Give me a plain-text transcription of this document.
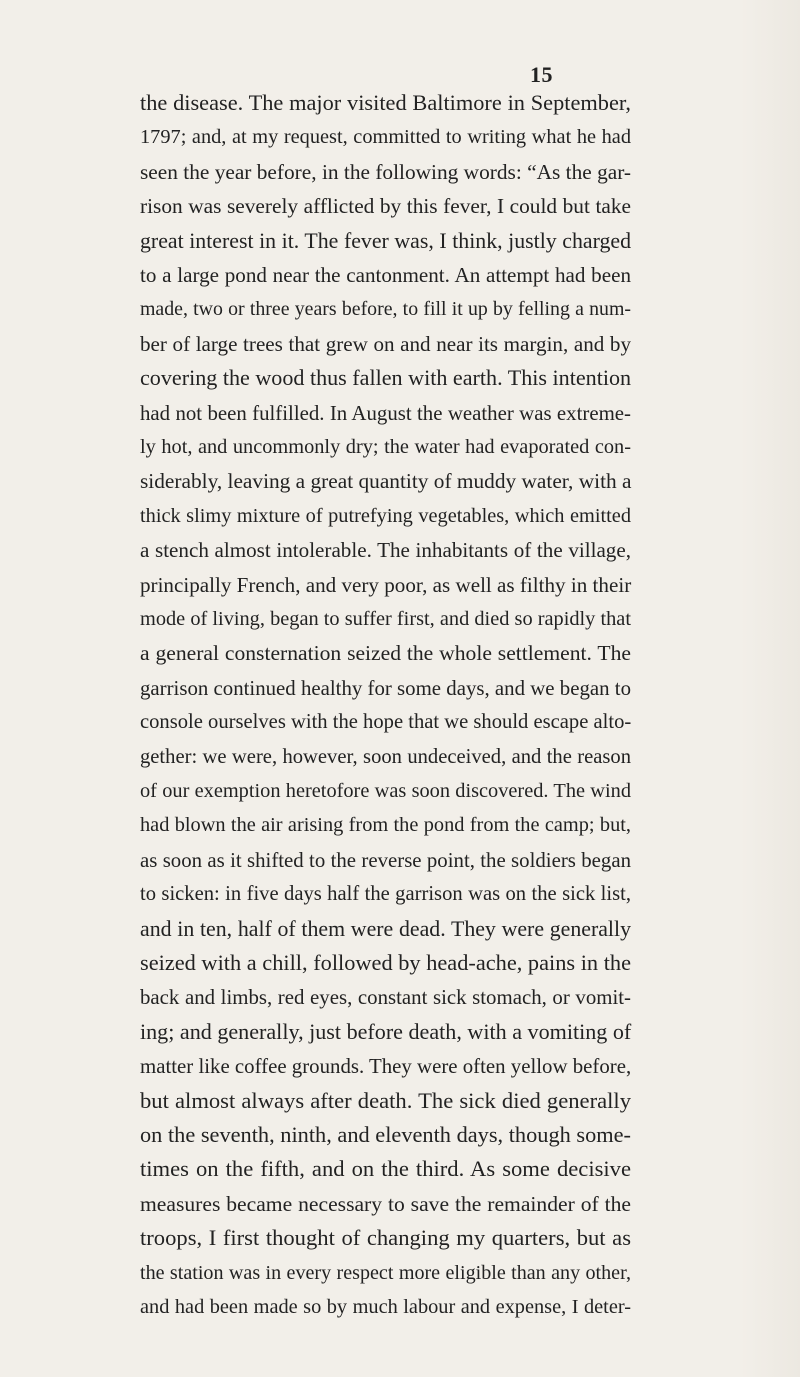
15
the disease. The major visited Baltimore in September,
1797; and, at my request, committed to writing what he had
seen the year before, in the following words: “As the gar-
rison was severely afflicted by this fever, I could but take
great interest in it. The fever was, I think, justly charged
to a large pond near the cantonment. An attempt had been
made, two or three years before, to fill it up by felling a num-
ber of large trees that grew on and near its margin, and by
covering the wood thus fallen with earth. This intention
had not been fulfilled. In August the weather was extreme-
ly hot, and uncommonly dry; the water had evaporated con-
siderably, leaving a great quantity of muddy water, with a
thick slimy mixture of putrefying vegetables, which emitted
a stench almost intolerable. The inhabitants of the village,
principally French, and very poor, as well as filthy in their
mode of living, began to suffer first, and died so rapidly that
a general consternation seized the whole settlement. The
garrison continued healthy for some days, and we began to
console ourselves with the hope that we should escape alto-
gether: we were, however, soon undeceived, and the reason
of our exemption heretofore was soon discovered. The wind
had blown the air arising from the pond from the camp; but,
as soon as it shifted to the reverse point, the soldiers began
to sicken: in five days half the garrison was on the sick list,
and in ten, half of them were dead. They were generally
seized with a chill, followed by head-ache, pains in the
back and limbs, red eyes, constant sick stomach, or vomit-
ing; and generally, just before death, with a vomiting of
matter like coffee grounds. They were often yellow before,
but almost always after death. The sick died generally
on the seventh, ninth, and eleventh days, though some-
times on the fifth, and on the third. As some decisive
measures became necessary to save the remainder of the
troops, I first thought of changing my quarters, but as
the station was in every respect more eligible than any other,
and had been made so by much labour and expense, I deter-
